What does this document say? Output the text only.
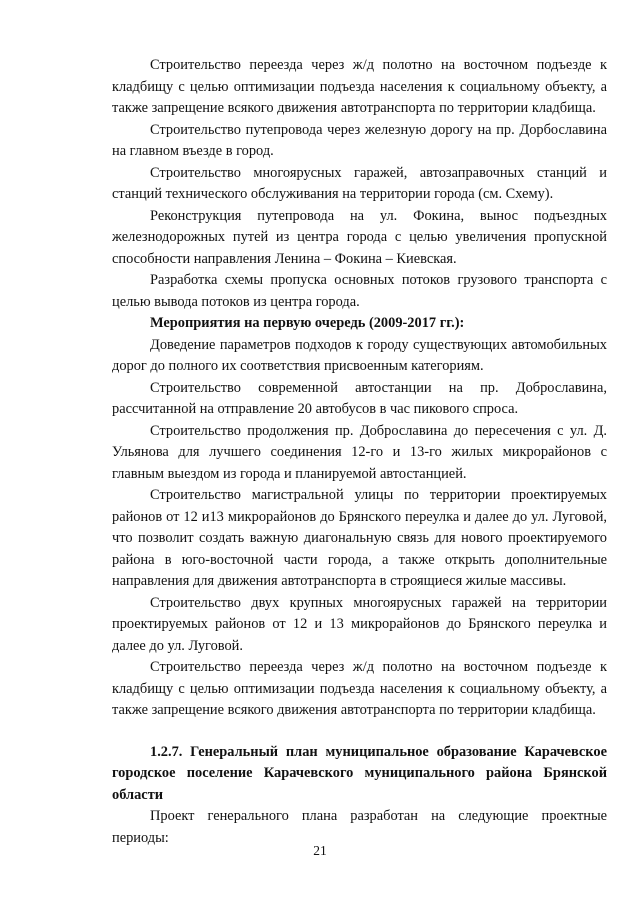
Строительство переезда через ж/д полотно на восточном подъезде к кладбищу с целью оптимизации подъезда населения к социальному объекту, а также запрещение всякого движения автотранспорта по территории кладбища.

Строительство путепровода через железную дорогу на пр. Дорбославина на главном въезде в город.

Строительство многоярусных гаражей, автозаправочных станций и станций технического обслуживания на территории города (см. Схему).

Реконструкция путепровода на ул. Фокина, вынос подъездных железнодорожных путей из центра города с целью увеличения пропускной способности направления Ленина – Фокина – Киевская.

Разработка схемы пропуска основных потоков грузового транспорта с целью вывода потоков из центра города.

Мероприятия на первую очередь (2009-2017 гг.):

Доведение параметров подходов к городу существующих автомобильных дорог до полного их соответствия присвоенным категориям.

Строительство современной автостанции на пр. Доброславина, рассчитанной на отправление 20 автобусов в час пикового спроса.

Строительство продолжения пр. Доброславина до пересечения с ул. Д. Ульянова для лучшего соединения 12-го и 13-го жилых микрорайонов с главным выездом из города и планируемой автостанцией.

Строительство магистральной улицы по территории проектируемых районов от 12 и13 микрорайонов до Брянского переулка и далее до ул. Луговой, что позволит создать важную диагональную связь для нового проектируемого района в юго-восточной части города, а также открыть дополнительные направления для движения автотранспорта в строящиеся жилые массивы.

Строительство двух крупных многоярусных гаражей на территории проектируемых районов от 12 и 13 микрорайонов до Брянского переулка и далее до ул. Луговой.

Строительство переезда через ж/д полотно на восточном подъезде к кладбищу с целью оптимизации подъезда населения к социальному объекту, а также запрещение всякого движения автотранспорта по территории кладбища.

1.2.7. Генеральный план муниципальное образование Карачевское городское поселение Карачевского муниципального района Брянской области

Проект генерального плана разработан на следующие проектные периоды:

21
